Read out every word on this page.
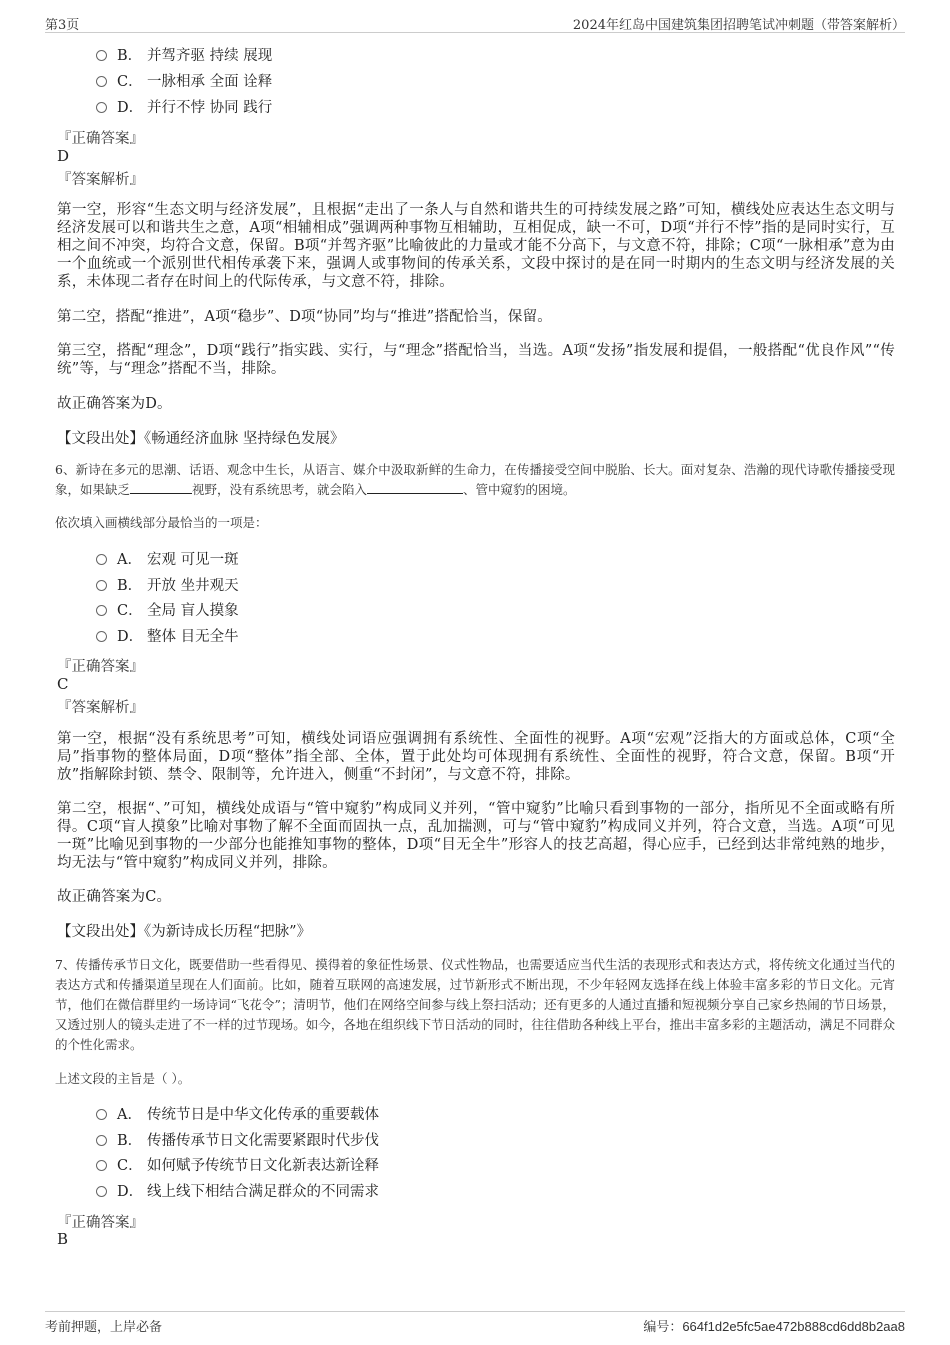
第3页	2024年红岛中国建筑集团招聘笔试冲刺题（带答案解析）
B． 并驾齐驱 持续 展现
C． 一脉相承 全面 诠释
D． 并行不悖 协同 践行
『正确答案』
D
『答案解析』
第一空，形容“生态文明与经济发展”，且根据“走出了一条人与自然和谐共生的可持续发展之路”可知，横线处应表达生态文明与经济发展可以和谐共生之意，A项“相辅相成”强调两种事物互相辅助，互相促成，缺一不可，D项“并行不悖”指的是同时实行，互相之间不冲突，均符合文意，保留。B项“并驾齐驱”比喻彼此的力量或才能不分高下，与文意不符，排除；C项“一脉相承”意为由一个血统或一个派别世代相传承袭下来，强调人或事物间的传承关系，文段中探讨的是在同一时期内的生态文明与经济发展的关系，未体现二者存在时间上的代际传承，与文意不符，排除。
第二空，搭配“推进”，A项“稳步”、D项“协同”均与“推进”搭配恰当，保留。
第三空，搭配“理念”，D项“践行”指实践、实行，与“理念”搭配恰当，当选。A项“发扬”指发展和提倡，一般搭配“优良作风”“传统”等，与“理念”搭配不当，排除。
故正确答案为D。
【文段出处】《畅通经济血脉 坚持绿色发展》
6、新诗在多元的思潮、话语、观念中生长，从语言、媒介中汲取新鲜的生命力，在传播接受空间中脱胎、长大。面对复杂、浩瀚的现代诗歌传播接受现象，如果缺乏	视野，没有系统思考，就会陷入	、管中窥豹的困境。
依次填入画横线部分最恰当的一项是：
A． 宏观 可见一斑
B． 开放 坐井观天
C． 全局 盲人摸象
D． 整体 目无全牛
『正确答案』
C
『答案解析』
第一空，根据“没有系统思考”可知，横线处词语应强调拥有系统性、全面性的视野。A项“宏观”泛指大的方面或总体，C项“全局”指事物的整体局面，D项“整体”指全部、全体，置于此处均可体现拥有系统性、全面性的视野，符合文意，保留。B项“开放”指解除封锁、禁令、限制等，允许进入，侧重“不封闭”，与文意不符，排除。
第二空，根据“、”可知，横线处成语与“管中窥豹”构成同义并列，“管中窥豹”比喻只看到事物的一部分，指所见不全面或略有所得。C项“盲人摸象”比喻对事物了解不全面而固执一点，乱加揣测，可与“管中窥豹”构成同义并列，符合文意，当选。A项“可见一斑”比喻见到事物的一少部分也能推知事物的整体，D项“目无全牛”形容人的技艺高超，得心应手，已经到达非常纯熟的地步，均无法与“管中窥豹”构成同义并列，排除。
故正确答案为C。
【文段出处】《为新诗成长历程“把脉”》
7、传播传承节日文化，既要借助一些看得见、摸得着的象征性场景、仪式性物品，也需要适应当代生活的表现形式和表达方式，将传统文化通过当代的表达方式和传播渠道呈现在人们面前。比如，随着互联网的高速发展，过节新形式不断出现，不少年轻网友选择在线上体验丰富多彩的节日文化。元宵节，他们在微信群里约一场诗词“飞花令”；清明节，他们在网络空间参与线上祭扫活动；还有更多的人通过直播和短视频分享自己家乡热闹的节日场景，又透过别人的镜头走进了不一样的过节现场。如今，各地在组织线下节日活动的同时，往往借助各种线上平台，推出丰富多彩的主题活动，满足不同群众的个性化需求。
上述文段的主旨是（ ）。
A． 传统节日是中华文化传承的重要载体
B． 传播传承节日文化需要紧跟时代步伐
C． 如何赋予传统节日文化新表达新诠释
D． 线上线下相结合满足群众的不同需求
『正确答案』
B
考前押题，上岸必备	编号：664f1d2e5fc5ae472b888cd6dd8b2aa8
